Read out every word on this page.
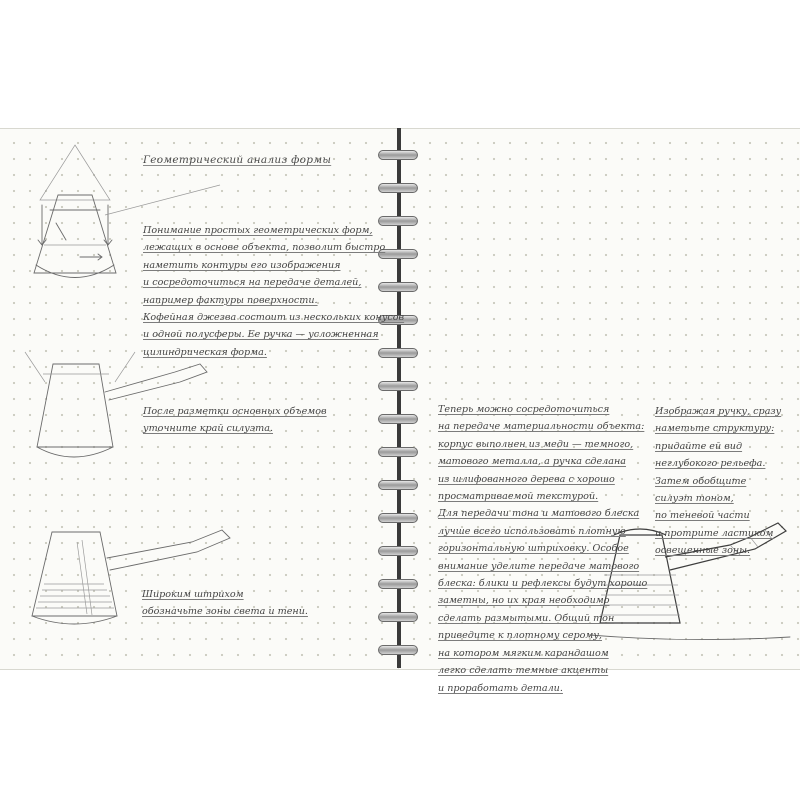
Геометрический анализ формы
Понимание простых геометрических форм,
лежащих в основе объекта, позволит быстро
наметить контуры его изображения
и сосредоточиться на передаче деталей,
например фактуры поверхности.
Кофейная джезва состоит из нескольких конусов
и одной полусферы. Ее ручка — усложненная
цилиндрическая форма.
После разметки основных объемов
уточните край силуэта.
Широким штрихом
обозначьте зоны света и тени.
Теперь можно сосредоточиться
на передаче материальности объекта:
корпус выполнен из меди — темного,
матового металла, а ручка сделана
из шлифованного дерева с хорошо
просматриваемой текстурой.
Для передачи тона и матового блеска
лучше всего использовать плотную
горизонтальную штриховку. Особое
внимание уделите передаче матового
блеска: блики и рефлексы будут хорошо
заметны, но их края необходимо
сделать размытыми. Общий тон
приведите к плотному серому,
на котором мягким карандашом
легко сделать темные акценты
и проработать детали.
Изображая ручку, сразу
наметьте структуру:
придайте ей вид
неглубокого рельефа.
Затем обобщите
силуэт тоном,
по теневой части
и протрите ластиком
освещенные зоны.
